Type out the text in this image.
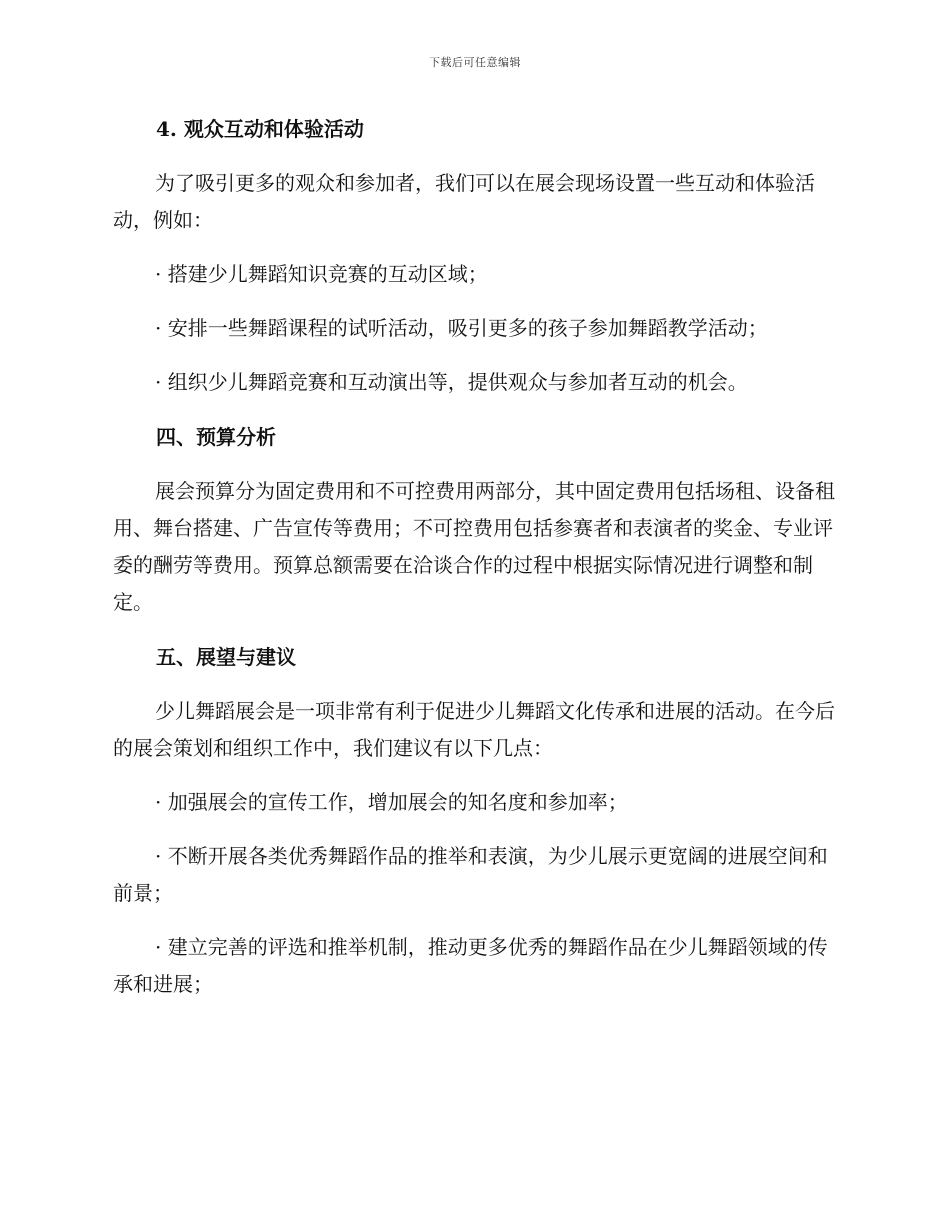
下载后可任意编辑
4. 观众互动和体验活动
为了吸引更多的观众和参加者，我们可以在展会现场设置一些互动和体验活动，例如：
· 搭建少儿舞蹈知识竞赛的互动区域；
· 安排一些舞蹈课程的试听活动，吸引更多的孩子参加舞蹈教学活动；
· 组织少儿舞蹈竞赛和互动演出等，提供观众与参加者互动的机会。
四、预算分析
展会预算分为固定费用和不可控费用两部分，其中固定费用包括场租、设备租用、舞台搭建、广告宣传等费用；不可控费用包括参赛者和表演者的奖金、专业评委的酬劳等费用。预算总额需要在洽谈合作的过程中根据实际情况进行调整和制定。
五、展望与建议
少儿舞蹈展会是一项非常有利于促进少儿舞蹈文化传承和进展的活动。在今后的展会策划和组织工作中，我们建议有以下几点：
· 加强展会的宣传工作，增加展会的知名度和参加率；
· 不断开展各类优秀舞蹈作品的推举和表演，为少儿展示更宽阔的进展空间和前景；
· 建立完善的评选和推举机制，推动更多优秀的舞蹈作品在少儿舞蹈领域的传承和进展；
